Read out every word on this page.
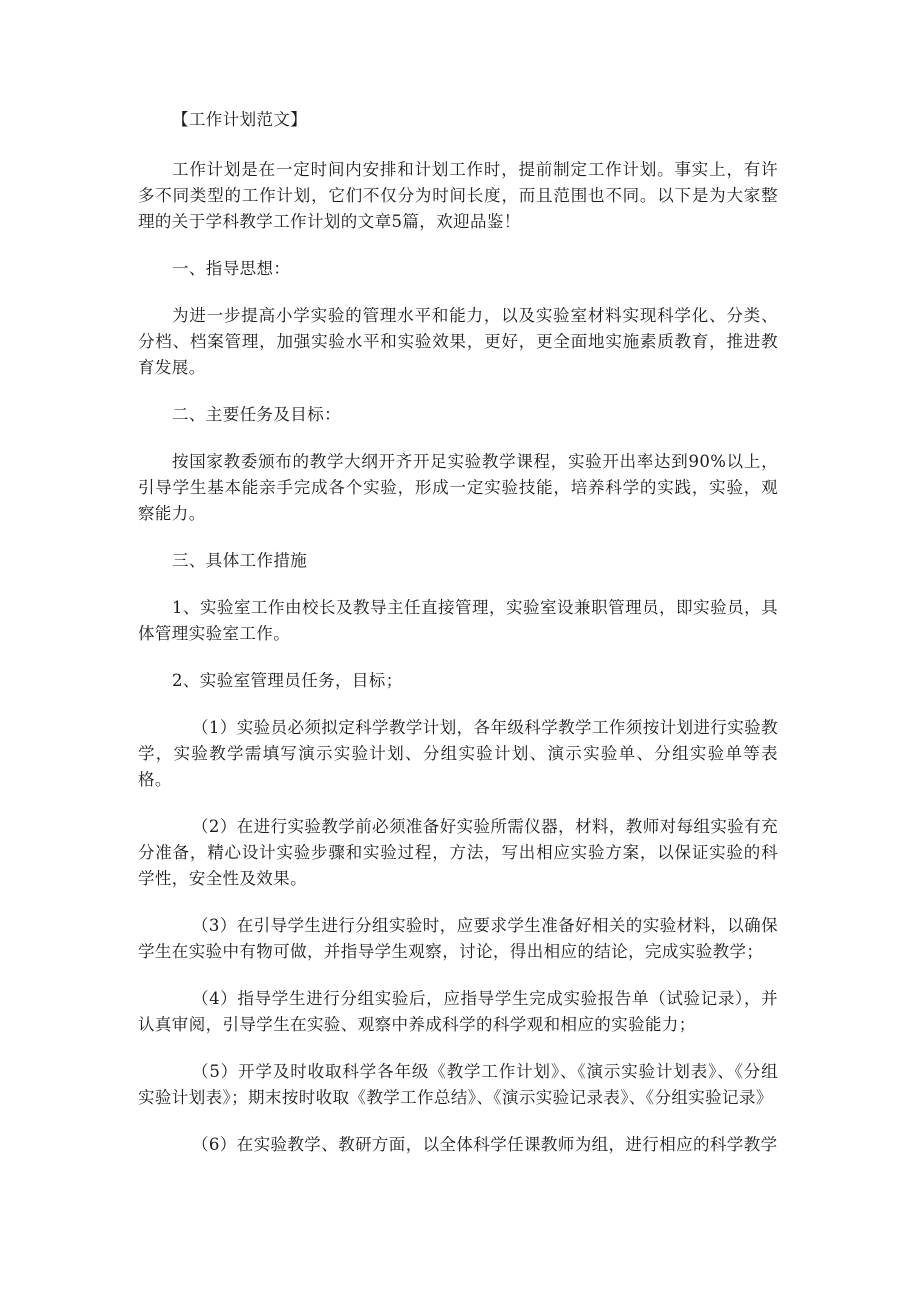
【工作计划范文】

工作计划是在一定时间内安排和计划工作时，提前制定工作计划。事实上，有许多不同类型的工作计划，它们不仅分为时间长度，而且范围也不同。以下是为大家整理的关于学科教学工作计划的文章5篇，欢迎品鉴！

一、指导思想：

为进一步提高小学实验的管理水平和能力，以及实验室材料实现科学化、分类、分档、档案管理，加强实验水平和实验效果，更好，更全面地实施素质教育，推进教育发展。

二、主要任务及目标：

按国家教委颁布的教学大纲开齐开足实验教学课程，实验开出率达到90%以上，引导学生基本能亲手完成各个实验，形成一定实验技能，培养科学的实践，实验，观察能力。

三、具体工作措施

1、实验室工作由校长及教导主任直接管理，实验室设兼职管理员，即实验员，具体管理实验室工作。

2、实验室管理员任务，目标；

（1）实验员必须拟定科学教学计划，各年级科学教学工作须按计划进行实验教学，实验教学需填写演示实验计划、分组实验计划、演示实验单、分组实验单等表格。

（2）在进行实验教学前必须准备好实验所需仪器，材料，教师对每组实验有充分准备，精心设计实验步骤和实验过程，方法，写出相应实验方案，以保证实验的科学性，安全性及效果。

（3）在引导学生进行分组实验时，应要求学生准备好相关的实验材料，以确保学生在实验中有物可做，并指导学生观察，讨论，得出相应的结论，完成实验教学；

（4）指导学生进行分组实验后，应指导学生完成实验报告单（试验记录），并认真审阅，引导学生在实验、观察中养成科学的科学观和相应的实验能力；

（5）开学及时收取科学各年级《教学工作计划》、《演示实验计划表》、《分组实验计划表》；期末按时收取《教学工作总结》、《演示实验记录表》、《分组实验记录》

（6）在实验教学、教研方面，以全体科学任课教师为组，进行相应的科学教学
